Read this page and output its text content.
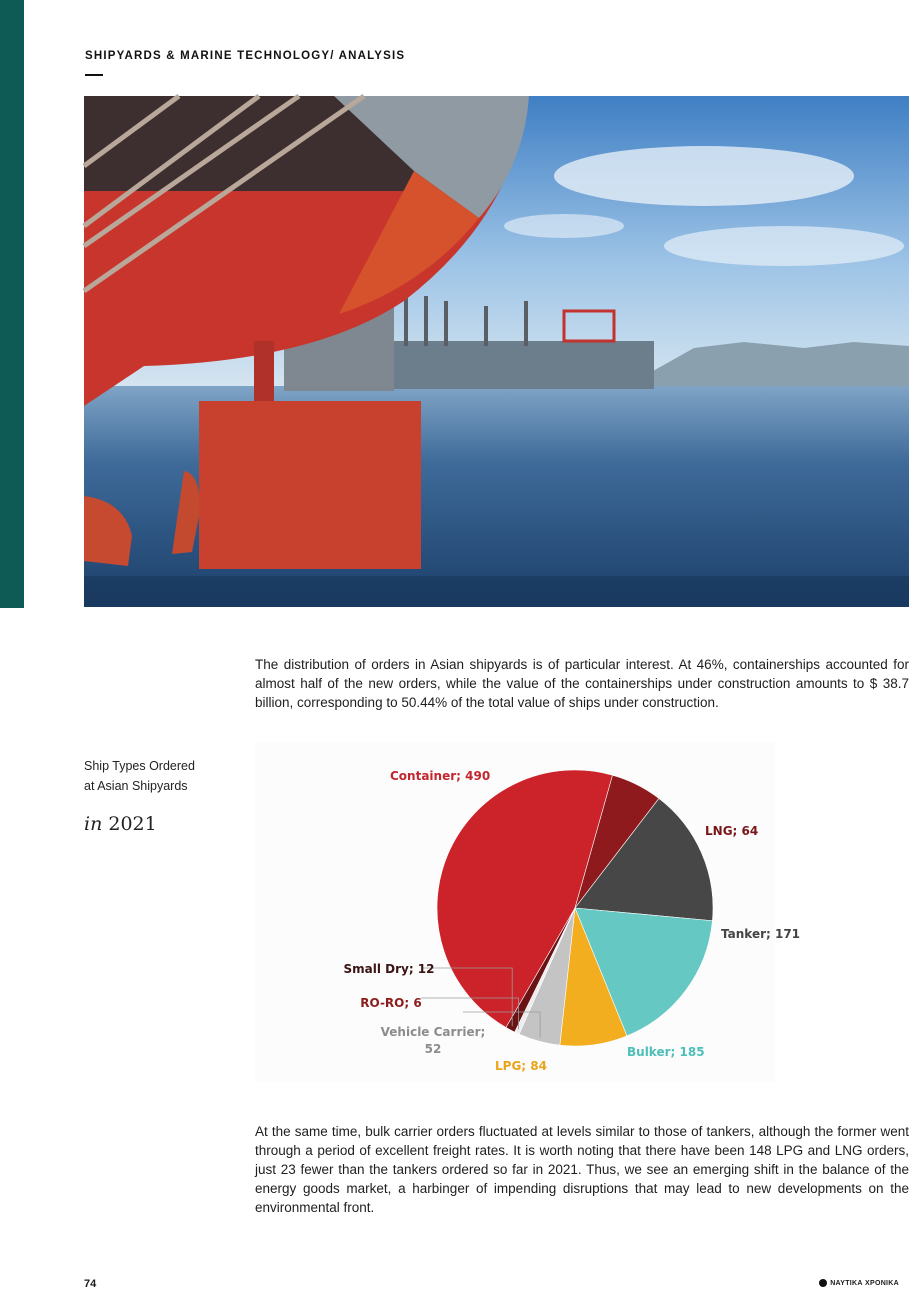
SHIPYARDS & MARINE TECHNOLOGY/ ANALYSIS

The distribution of orders in Asian shipyards is of particular interest. At 46%, containerships accounted for almost half of the new orders, while the value of the containerships under construction amounts to $ 38.7 billion, corresponding to 50.44% of the total value of ships under construction.

Ship Types Ordered
at Asian Shipyards
in 2021
Container; 490
LNG; 64
Tanker; 171
Bulker; 185
LPG; 84
Vehicle Carrier;
52
RO-RO; 6
Small Dry; 12

At the same time, bulk carrier orders fluctuated at levels similar to those of tankers, although the former went through a period of excellent freight rates. It is worth noting that there have been 148 LPG and LNG orders, just 23 fewer than the tankers ordered so far in 2021. Thus, we see an emerging shift in the balance of the energy goods market, a harbinger of impending disruptions that may lead to new developments on the environmental front.

74	ΝΑΥΤΙΚΑ ΧΡΟΝΙΚΑ
